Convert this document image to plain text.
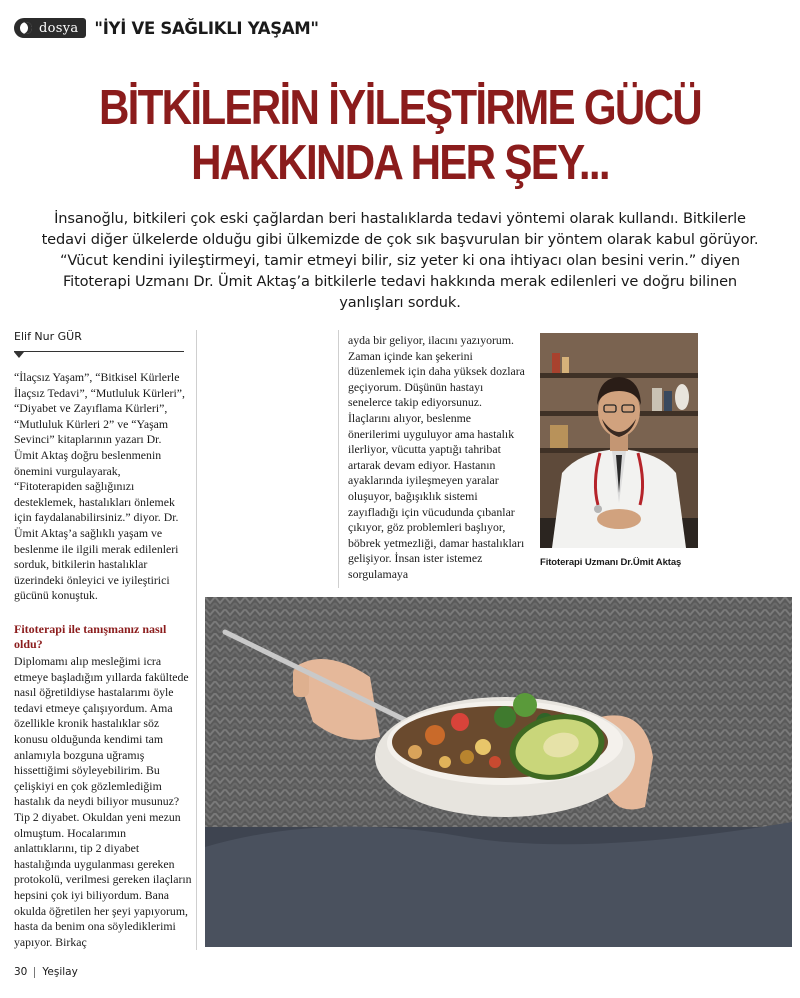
dosya "İYİ VE SAĞLIKLI YAŞAM"
BİTKİLERİN İYİLEŞTİRME GÜCÜ
HAKKINDA HER ŞEY...
İnsanoğlu, bitkileri çok eski çağlardan beri hastalıklarda tedavi yöntemi olarak kullandı. Bitkilerle tedavi diğer ülkelerde olduğu gibi ülkemizde de çok sık başvurulan bir yöntem olarak kabul görüyor. “Vücut kendini iyileştirmeyi, tamir etmeyi bilir, siz yeter ki ona ihtiyacı olan besini verin.” diyen Fitoterapi Uzmanı Dr. Ümit Aktaş’a bitkilerle tedavi hakkında merak edilenleri ve doğru bilinen yanlışları sorduk.
Elif Nur GÜR

“İlaçsız Yaşam”, “Bitkisel Kürlerle İlaçsız Tedavi”, “Mutluluk Kürleri”, “Diyabet ve Zayıflama Kürleri”, “Mutluluk Kürleri 2” ve “Yaşam Sevinci” kitaplarının yazarı Dr. Ümit Aktaş doğru beslenmenin önemini vurgulayarak, “Fitoterapiden sağlığınızı desteklemek, hastalıkları önlemek için faydalanabilirsiniz.” diyor. Dr. Ümit Aktaş’a sağlıklı yaşam ve beslenme ile ilgili merak edilenleri sorduk, bitkilerin hastalıklar üzerindeki önleyici ve iyileştirici gücünü konuştuk.

Fitoterapi ile tanışmanız nasıl oldu?

Diplomamı alıp mesleğimi icra etmeye başladığım yıllarda fakültede nasıl öğretildiyse hastalarımı öyle tedavi etmeye çalışıyordum. Ama özellikle kronik hastalıklar söz konusu olduğunda kendimi tam anlamıyla bozguna uğramış hissettiğimi söyleyebilirim. Bu çelişkiyi en çok gözlemlediğim hastalık da neydi biliyor musunuz? Tip 2 diyabet. Okuldan yeni mezun olmuştum. Hocalarımın anlattıklarını, tip 2 diyabet hastalığında uygulanması gereken protokolü, verilmesi gereken ilaçların hepsini çok iyi biliyordum. Bana okulda öğretilen her şeyi yapıyorum, hasta da benim ona söylediklerimi yapıyor. Birkaç

ayda bir geliyor, ilacını yazıyorum. Zaman içinde kan şekerini düzenlemek için daha yüksek dozlara geçiyorum. Düşünün hastayı senelerce takip ediyorsunuz. İlaçlarını alıyor, beslenme önerilerimi uyguluyor ama hastalık ilerliyor, vücutta yaptığı tahribat artarak devam ediyor. Hastanın ayaklarında iyileşmeyen yaralar oluşuyor, bağışıklık sistemi zayıfladığı için vücudunda çıbanlar çıkıyor, göz problemleri başlıyor, böbrek yetmezliği, damar hastalıkları gelişiyor. İnsan ister istemez sorgulamaya

Fitoterapi Uzmanı Dr.Ümit Aktaş
30 Yeşilay
